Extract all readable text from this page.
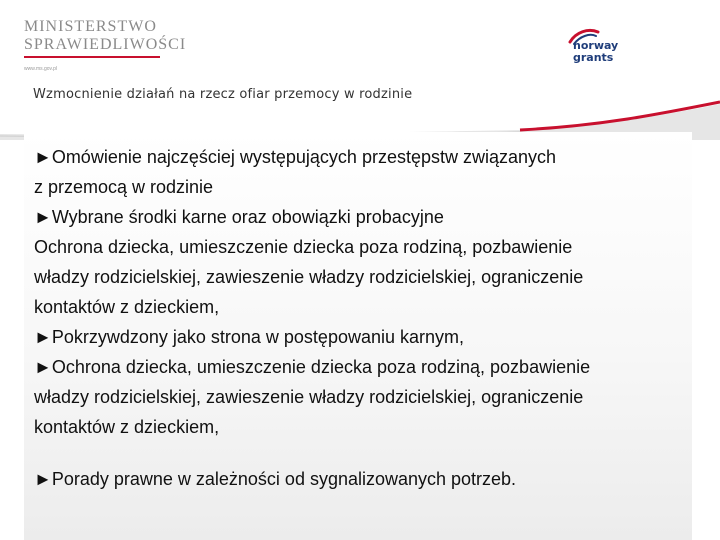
MINISTERSTWO
SPRAWIEDLIWOŚCI
www.ms.gov.pl
norway
grants
Wzmocnienie działań na rzecz ofiar przemocy w rodzinie

►Omówienie najczęściej występujących przestępstw związanych

z przemocą w rodzinie

►Wybrane środki karne oraz obowiązki probacyjne

Ochrona dziecka, umieszczenie dziecka poza rodziną, pozbawienie

władzy rodzicielskiej, zawieszenie władzy rodzicielskiej, ograniczenie

kontaktów z dzieckiem,

►Pokrzywdzony jako strona w postępowaniu karnym,

►Ochrona dziecka, umieszczenie dziecka poza rodziną, pozbawienie

władzy rodzicielskiej, zawieszenie władzy rodzicielskiej, ograniczenie

kontaktów z dzieckiem,

►Porady prawne w zależności od sygnalizowanych potrzeb.
